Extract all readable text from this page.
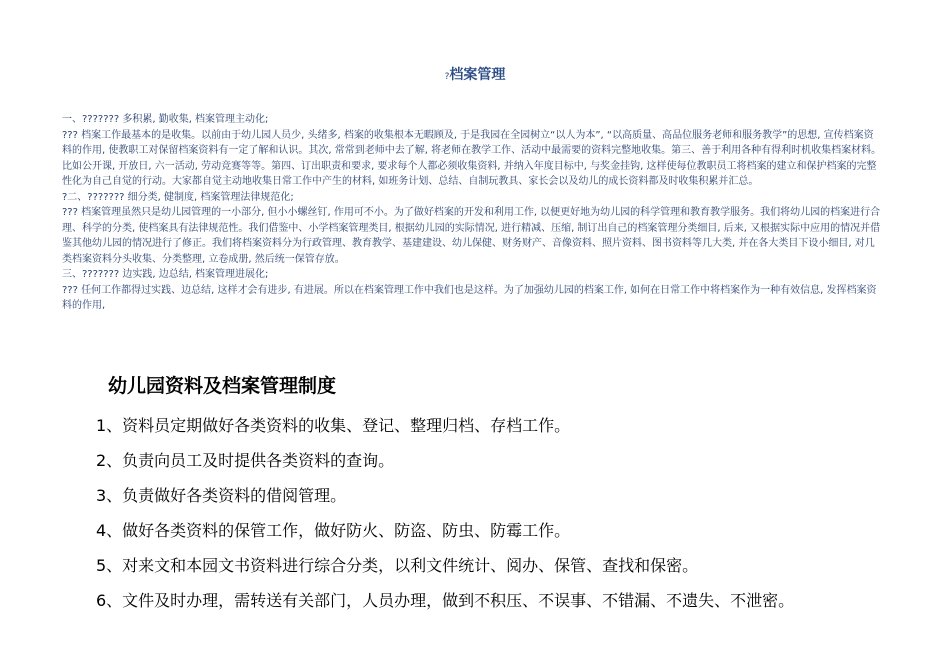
?档案管理

一、??????? 多积累, 勤收集, 档案管理主动化;

??? 档案工作最基本的是收集。以前由于幼儿园人员少, 头绪多, 档案的收集根本无暇顾及, 于是我园在全园树立“以人为本”, “以高质量、高品位服务老师和服务教学”的思想, 宣传档案资料的作用, 使教职工对保留档案资料有一定了解和认识。其次, 常常到老师中去了解, 将老师在教学工作、活动中最需要的资料完整地收集。第三、善于利用各种有得利时机收集档案材料。比如公开课, 开放日, 六一活动, 劳动竞赛等等。第四、订出职责和要求, 要求每个人都必须收集资料, 并纳入年度目标中, 与奖金挂钩, 这样使每位教职员工将档案的建立和保护档案的完整性化为自己自觉的行动。大家都自觉主动地收集日常工作中产生的材料, 如班务计划、总结、自制玩教具、家长会以及幼儿的成长资料都及时收集积累并汇总。

?二、??????? 细分类, 健制度, 档案管理法律规范化;

??? 档案管理虽然只是幼儿园管理的一小部分, 但小小螺丝钉, 作用可不小。为了做好档案的开发和利用工作, 以便更好地为幼儿园的科学管理和教育教学服务。我们将幼儿园的档案进行合理、科学的分类, 使档案具有法律规范性。我们借鉴中、小学档案管理类目, 根据幼儿园的实际情况, 进行精减、压缩, 制订出自己的档案管理分类细目, 后来, 又根据实际中应用的情况并借鉴其他幼儿园的情况进行了修正。我们将档案资料分为行政管理、教育教学、基建建设、幼儿保健、财务财产、音像资料、照片资料、图书资料等几大类, 并在各大类目下设小细目, 对几类档案资料分头收集、分类整理, 立卷成册, 然后统一保管存放。

三、??????? 边实践, 边总结, 档案管理进展化;

??? 任何工作都得过实践、边总结, 这样才会有进步, 有进展。所以在档案管理工作中我们也是这样。为了加强幼儿园的档案工作, 如何在日常工作中将档案作为一种有效信息, 发挥档案资料的作用,

幼儿园资料及档案管理制度
1、资料员定期做好各类资料的收集、登记、整理归档、存档工作。
2、负责向员工及时提供各类资料的查询。
3、负责做好各类资料的借阅管理。
4、做好各类资料的保管工作，做好防火、防盗、防虫、防霉工作。
5、对来文和本园文书资料进行综合分类，以利文件统计、阅办、保管、查找和保密。
6、文件及时办理，需转送有关部门，人员办理，做到不积压、不误事、不错漏、不遗失、不泄密。
